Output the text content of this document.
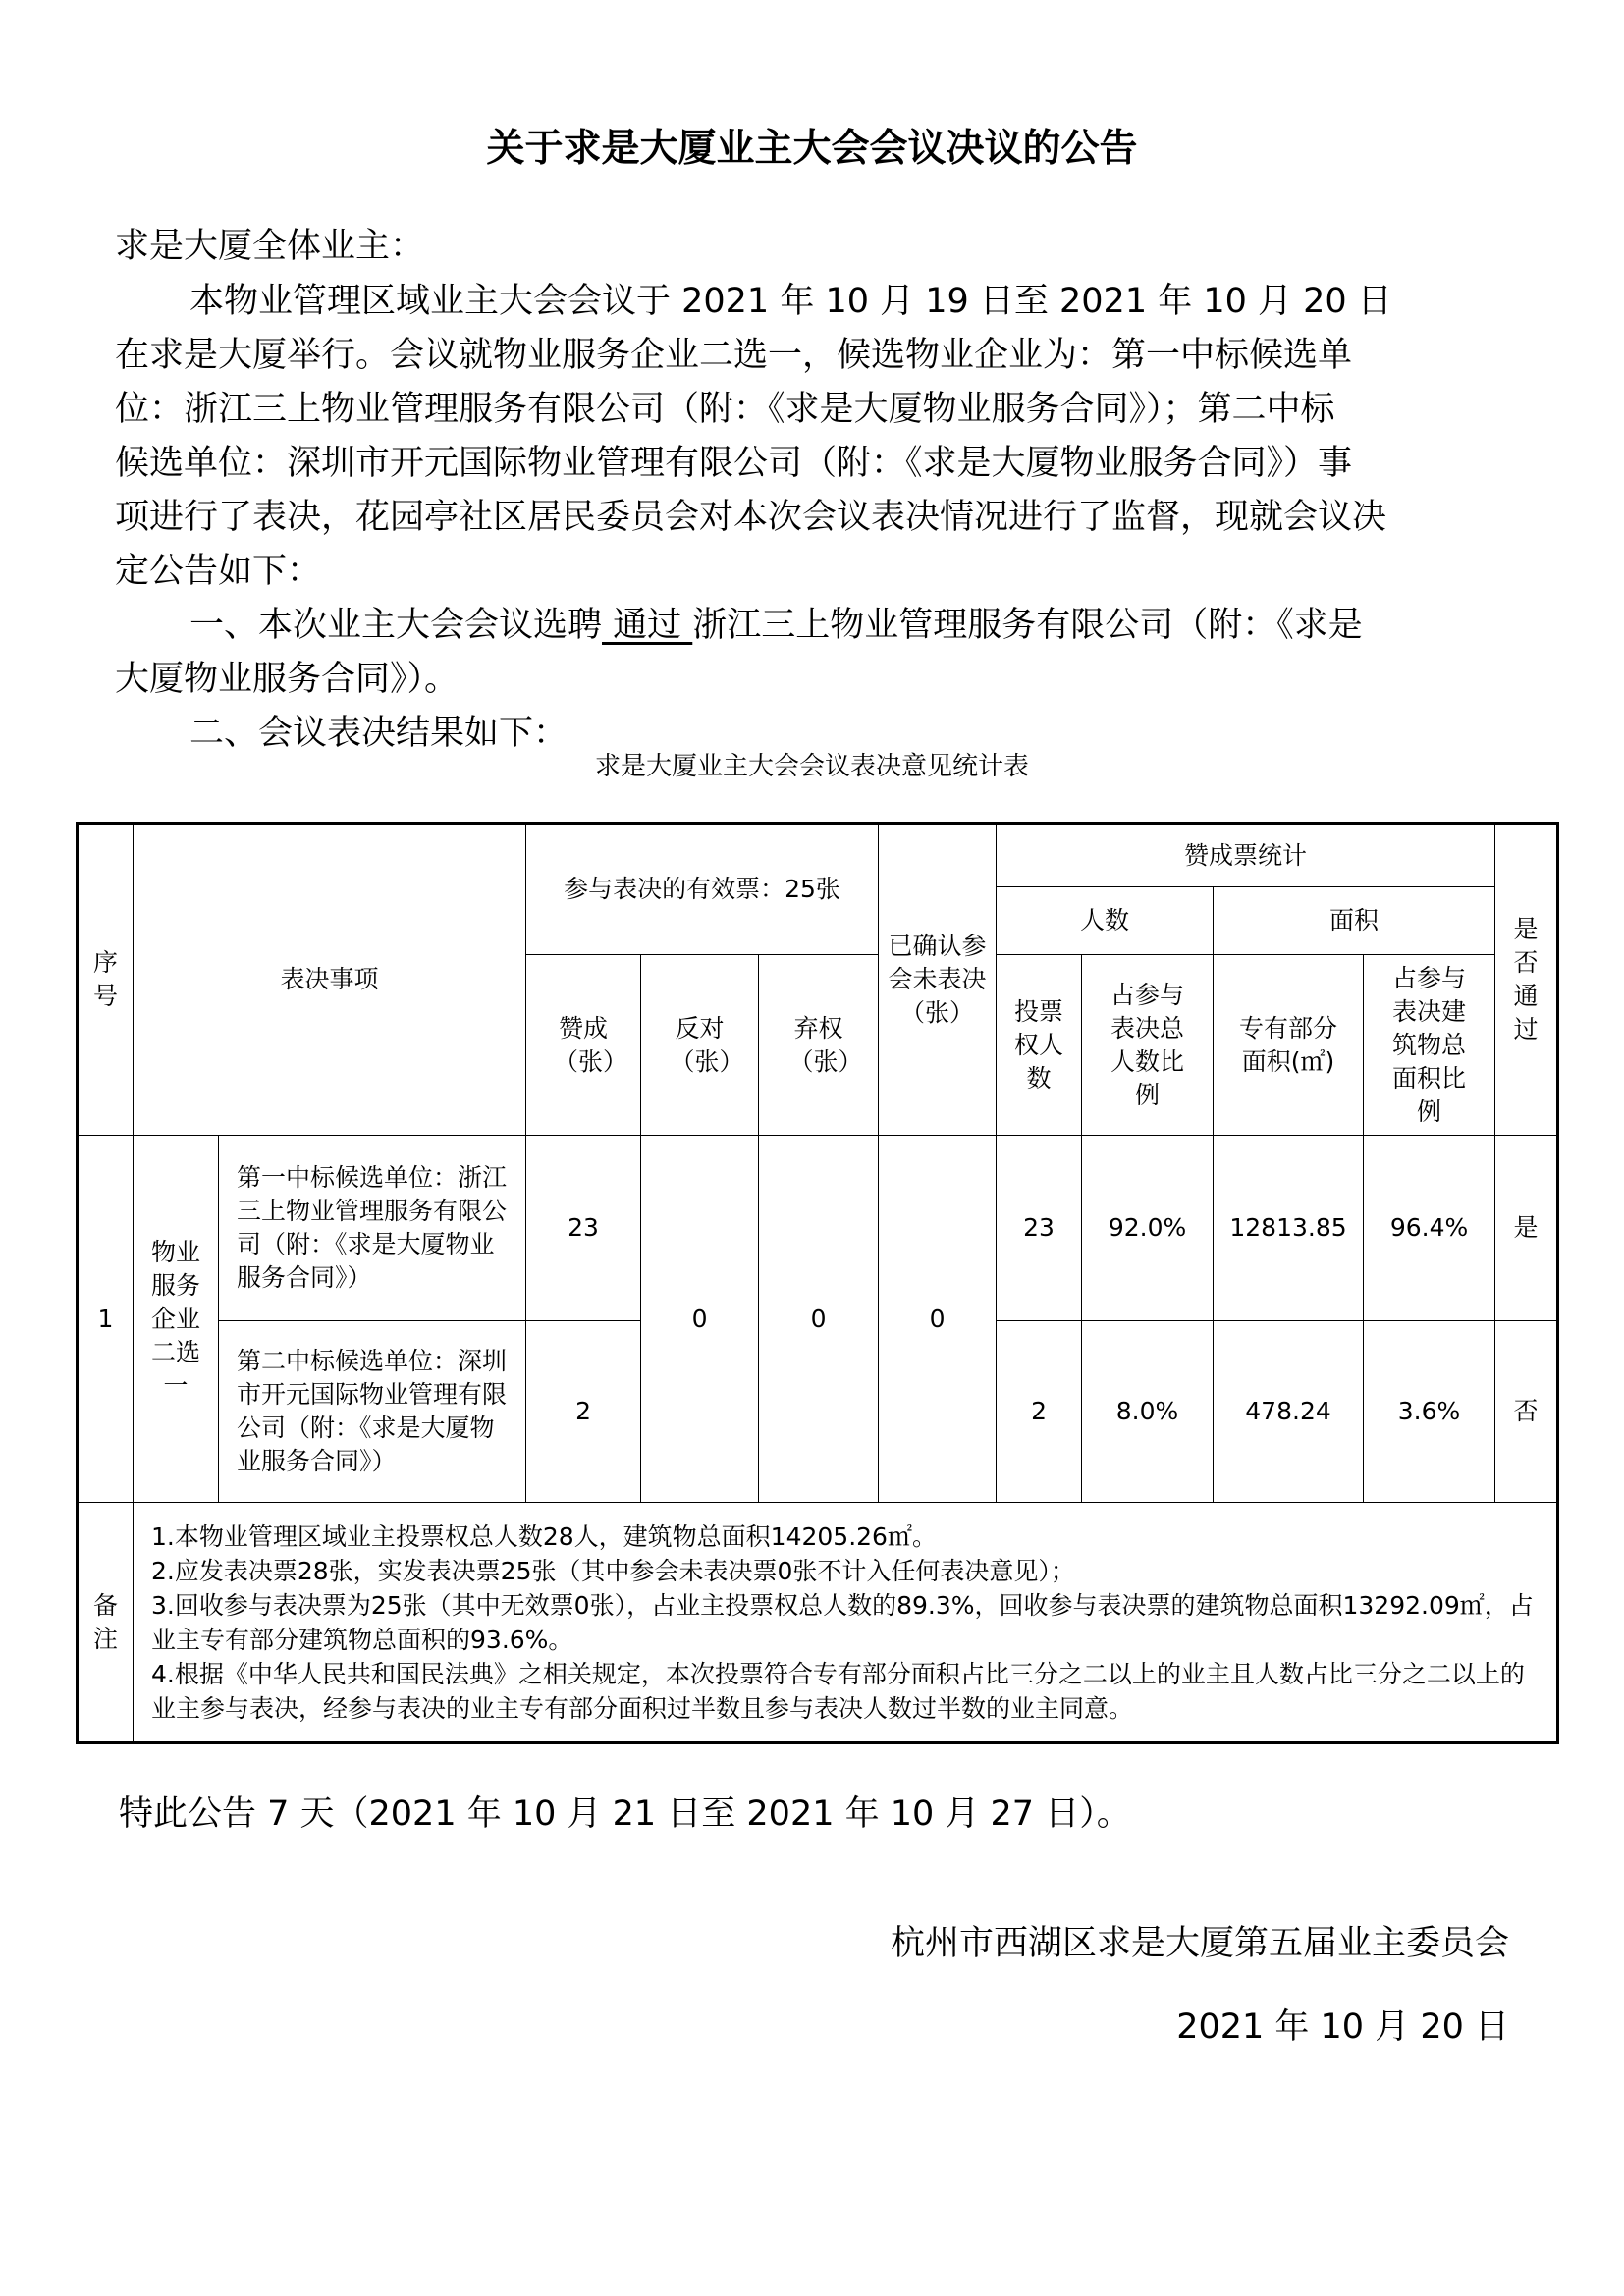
关于求是大厦业主大会会议决议的公告
求是大厦全体业主：
本物业管理区域业主大会会议于 2021 年 10 月 19 日至 2021 年 10 月 20 日
在求是大厦举行。会议就物业服务企业二选一，候选物业企业为：第一中标候选单
位：浙江三上物业管理服务有限公司（附：《求是大厦物业服务合同》）；第二中标
候选单位：深圳市开元国际物业管理有限公司（附：《求是大厦物业服务合同》）事
项进行了表决，花园亭社区居民委员会对本次会议表决情况进行了监督，现就会议决
定公告如下：
一、本次业主大会会议选聘 通过 浙江三上物业管理服务有限公司（附：《求是
大厦物业服务合同》）。
二、会议表决结果如下：
求是大厦业主大会会议表决意见统计表
序号	表决事项		参与表决的有效票：25张			已确认参会未表决（张）	赞成票统计				是否通过

							人数		面积		

			赞成（张）	反对（张）	弃权（张）		投票权人数	占参与表决总人数比例	专有部分面积(㎡)	占参与表决建筑物总面积比例	

1	物业服务企业二选一	第一中标候选单位：浙江三上物业管理服务有限公司（附：《求是大厦物业服务合同》）	23	0	0	0	23	92.0%	12813.85	96.4%	是

		第二中标候选单位：深圳市开元国际物业管理有限公司（附：《求是大厦物业服务合同》）	2				2	8.0%	478.24	3.6%	否

备注	1.本物业管理区域业主投票权总人数28人，建筑物总面积14205.26㎡。
2.应发表决票28张，实发表决票25张（其中参会未表决票0张不计入任何表决意见）；
3.回收参与表决票为25张（其中无效票0张），占业主投票权总人数的89.3%，回收参与表决票的建筑物总面积13292.09㎡，占业主专有部分建筑物总面积的93.6%。
4.根据《中华人民共和国民法典》之相关规定，本次投票符合专有部分面积占比三分之二以上的业主且人数占比三分之二以上的业主参与表决，经参与表决的业主专有部分面积过半数且参与表决人数过半数的业主同意。										
特此公告 7 天（2021 年 10 月 21 日至 2021 年 10 月 27 日）。
杭州市西湖区求是大厦第五届业主委员会
2021 年 10 月 20 日
